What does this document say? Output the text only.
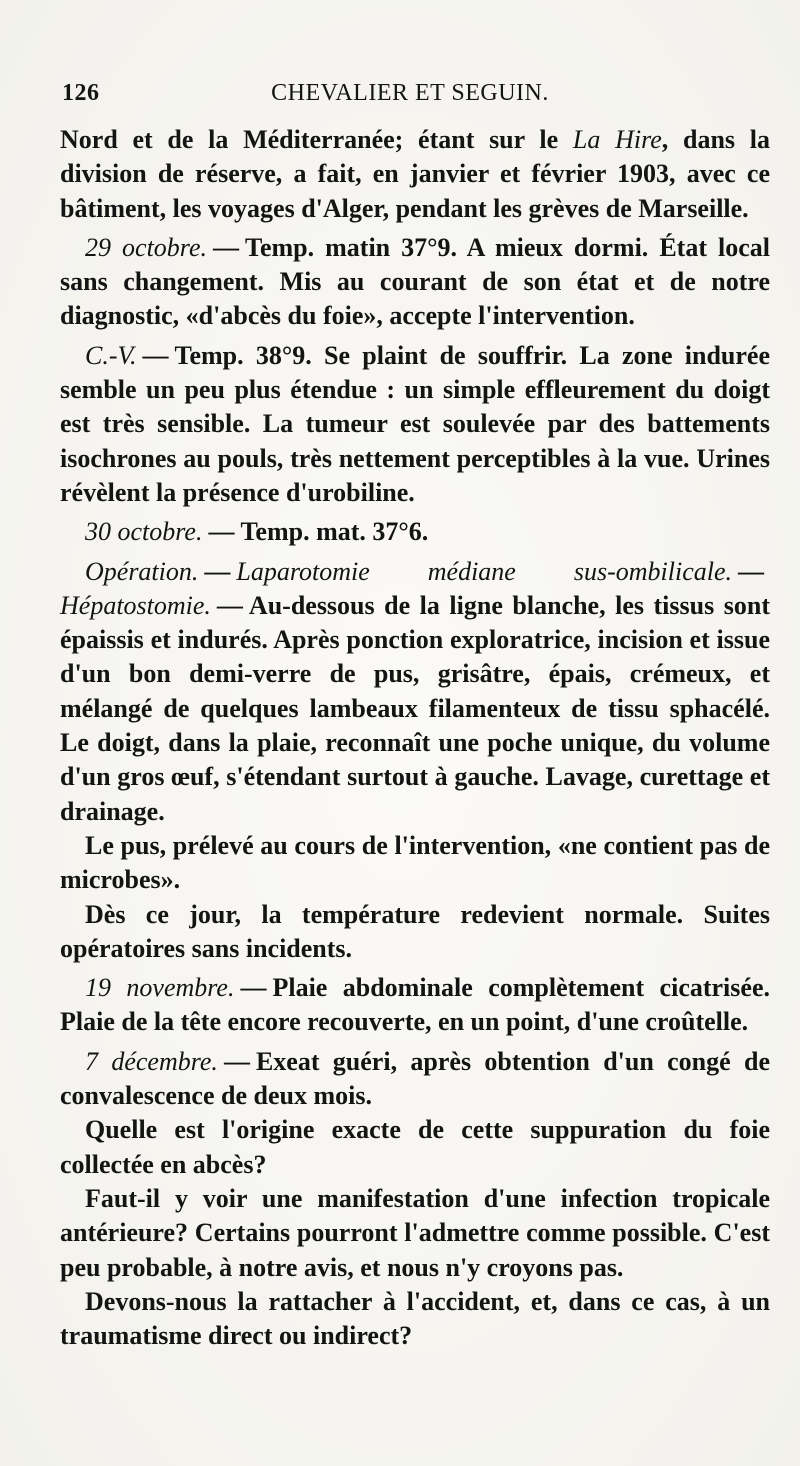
126	CHEVALIER ET SEGUIN.

Nord et de la Méditerranée; étant sur le La Hire, dans la division de réserve, a fait, en janvier et février 1903, avec ce bâtiment, les voyages d'Alger, pendant les grèves de Marseille.

29 octobre. — Temp. matin 37°9. A mieux dormi. État local sans changement. Mis au courant de son état et de notre diagnostic, «d'abcès du foie», accepte l'intervention.

C.-V. — Temp. 38°9. Se plaint de souffrir. La zone indurée semble un peu plus étendue : un simple effleurement du doigt est très sensible. La tumeur est soulevée par des battements isochrones au pouls, très nettement perceptibles à la vue. Urines révèlent la présence d'urobiline.

30 octobre. — Temp. mat. 37°6.

Opération. — Laparotomie médiane sus-ombilicale. —Hépatostomie. — Au-dessous de la ligne blanche, les tissus sont épaissis et indurés. Après ponction exploratrice, incision et issue d'un bon demi-verre de pus, grisâtre, épais, crémeux, et mélangé de quelques lambeaux filamenteux de tissu sphacélé. Le doigt, dans la plaie, reconnaît une poche unique, du volume d'un gros œuf, s'étendant surtout à gauche. Lavage, curettage et drainage.

Le pus, prélevé au cours de l'intervention, «ne contient pas de microbes».

Dès ce jour, la température redevient normale. Suites opératoires sans incidents.

19 novembre. — Plaie abdominale complètement cicatrisée. Plaie de la tête encore recouverte, en un point, d'une croûtelle.

7 décembre. — Exeat guéri, après obtention d'un congé de convalescence de deux mois.

Quelle est l'origine exacte de cette suppuration du foie collectée en abcès?

Faut-il y voir une manifestation d'une infection tropicale antérieure? Certains pourront l'admettre comme possible. C'est peu probable, à notre avis, et nous n'y croyons pas.

Devons-nous la rattacher à l'accident, et, dans ce cas, à un traumatisme direct ou indirect?
